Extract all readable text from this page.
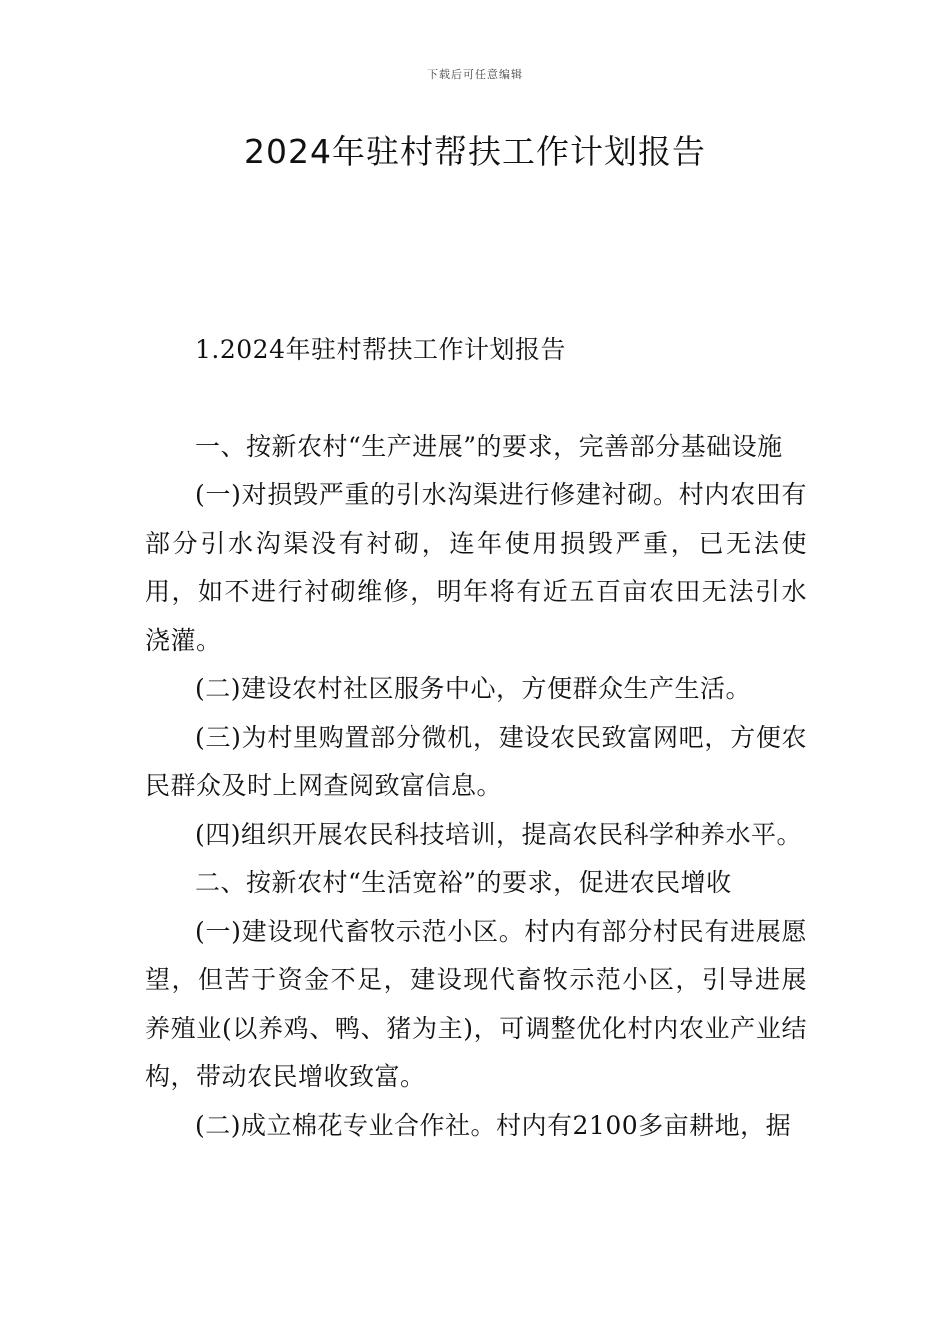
下载后可任意编辑
2024年驻村帮扶工作计划报告

1.2024年驻村帮扶工作计划报告

一、按新农村“生产进展”的要求，完善部分基础设施

(一)对损毁严重的引水沟渠进行修建衬砌。村内农田有部分引水沟渠没有衬砌，连年使用损毁严重，已无法使用，如不进行衬砌维修，明年将有近五百亩农田无法引水浇灌。

(二)建设农村社区服务中心，方便群众生产生活。

(三)为村里购置部分微机，建设农民致富网吧，方便农民群众及时上网查阅致富信息。

(四)组织开展农民科技培训，提高农民科学种养水平。

二、按新农村“生活宽裕”的要求，促进农民增收

(一)建设现代畜牧示范小区。村内有部分村民有进展愿望，但苦于资金不足，建设现代畜牧示范小区，引导进展养殖业(以养鸡、鸭、猪为主)，可调整优化村内农业产业结构，带动农民增收致富。

(二)成立棉花专业合作社。村内有2100多亩耕地，据
